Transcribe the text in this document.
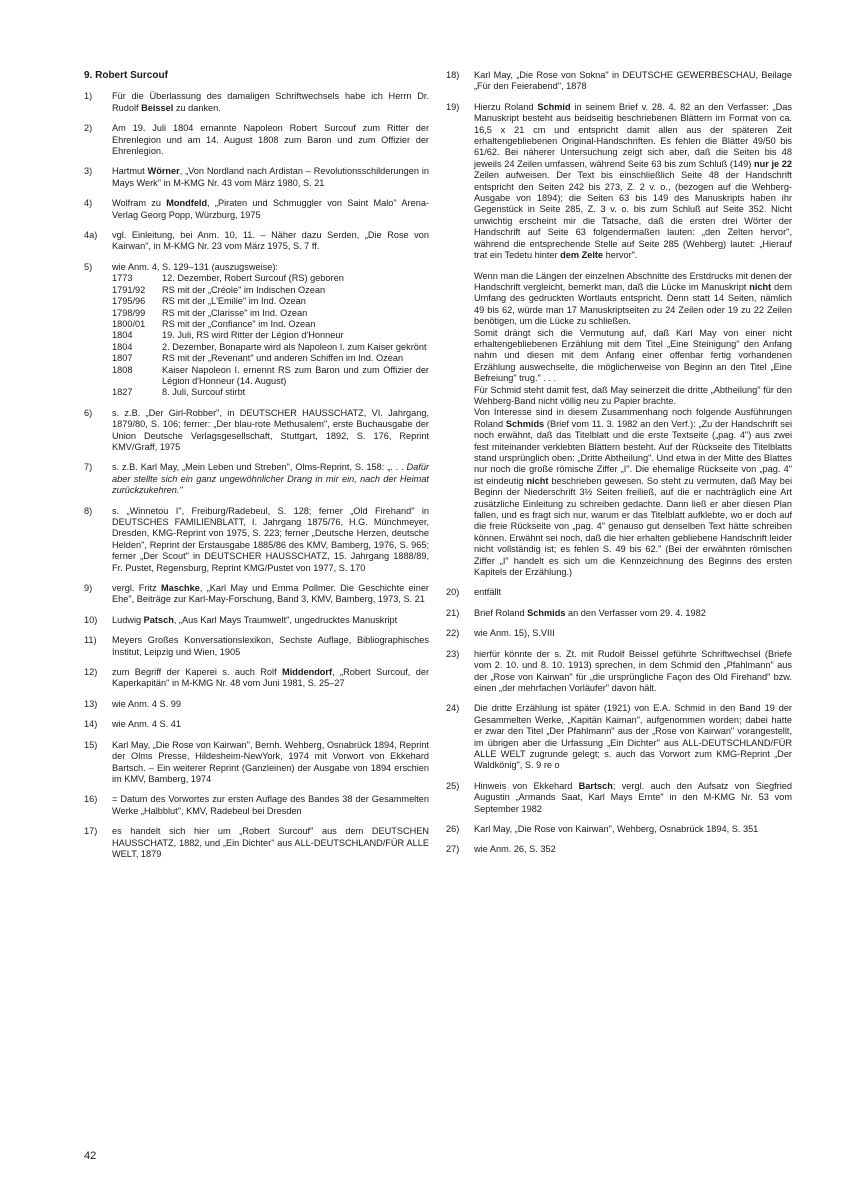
9. Robert Surcouf
1)	Für die Überlassung des damaligen Schriftwechsels habe ich Herrn Dr. Rudolf Beissel zu danken.
2)	Am 19. Juli 1804 ernannte Napoleon Robert Surcouf zum Ritter der Ehrenlegion und am 14. August 1808 zum Baron und zum Offizier der Ehrenlegion.
3)	Hartmut Wörner, „Von Nordland nach Ardistan – Revolutionsschilderungen in Mays Werk" in M-KMG Nr. 43 vom März 1980, S. 21
4)	Wolfram zu Mondfeld, „Piraten und Schmuggler von Saint Malo" Arena-Verlag Georg Popp, Würzburg, 1975
4a)	vgl. Einleitung, bei Anm. 10, 11. – Näher dazu Serden, „Die Rose von Kairwan", in M-KMG Nr. 23 vom März 1975, S. 7 ff.
5)	wie Anm. 4, S. 129–131 (auszugsweise):
1773	12. Dezember, Robert Surcouf (RS) geboren
1791/92	RS mit der „Créole" im Indischen Ozean
1795/96	RS mit der „L'Emilie" im Ind. Ozean
1798/99	RS mit der „Clarisse" im Ind. Ozean
1800/01	RS mit der „Confiance" im Ind. Ozean
1804	19. Juli, RS wird Ritter der Légion d'Honneur
1804	2. Dezember, Bonaparte wird als Napoleon I. zum Kaiser gekrönt
1807	RS mit der „Revenant" und anderen Schiffen im Ind. Ozean
1808	Kaiser Napoleon I. ernennt RS zum Baron und zum Offizier der Légion d'Honneur (14. August)
1827	8. Juli, Surcouf stirbt
6)	s. z.B. „Der Girl-Robber", in DEUTSCHER HAUSSCHATZ, VI. Jahrgang, 1879/80, S. 106; ferner: „Der blau-rote Methusalem", erste Buchausgabe der Union Deutsche Verlagsgesellschaft, Stuttgart, 1892, S. 176, Reprint KMV/Graff, 1975
7)	s. z.B. Karl May, „Mein Leben und Streben", Olms-Reprint, S. 158: „. . . Dafür aber stellte sich ein ganz ungewöhnlicher Drang in mir ein, nach der Heimat zurückzukehren."
8)	s. „Winnetou I", Freiburg/Radebeul, S. 128; ferner „Old Firehand" in DEUTSCHES FAMILIENBLATT, I. Jahrgang 1875/76, H.G. Münchmeyer, Dresden, KMG-Reprint von 1975, S. 223; ferner „Deutsche Herzen, deutsche Helden", Reprint der Erstausgabe 1885/86 des KMV, Bamberg, 1976, S. 965; ferner „Der Scout" in DEUTSCHER HAUSSCHATZ, 15. Jahrgang 1888/89, Fr. Pustet, Regensburg, Reprint KMG/Pustet von 1977, S. 170
9)	vergl. Fritz Maschke, „Karl May und Emma Pollmer. Die Geschichte einer Ehe", Beiträge zur Karl-May-Forschung, Band 3, KMV, Bamberg, 1973, S. 21
10)	Ludwig Patsch, „Aus Karl Mays Traumwelt", ungedrucktes Manuskript
11)	Meyers Großes Konversationslexikon, Sechste Auflage, Bibliographisches Institut, Leipzig und Wien, 1905
12)	zum Begriff der Kaperei s. auch Rolf Middendorf, „Robert Surcouf, der Kaperkapitän" in M-KMG Nr. 48 vom Juni 1981, S. 25–27
13)	wie Anm. 4 S. 99
14)	wie Anm. 4 S. 41
15)	Karl May, „Die Rose von Kairwan", Bernh. Wehberg, Osnabrück 1894, Reprint der Olms Presse, Hildesheim-NewYork, 1974 mit Vorwort von Ekkehard Bartsch. – Ein weiterer Reprint (Ganzleinen) der Ausgabe von 1894 erschien im KMV, Bamberg, 1974
16)	= Datum des Vorwortes zur ersten Auflage des Bandes 38 der Gesammelten Werke „Halbblut", KMV, Radebeul bei Dresden
17)	es handelt sich hier um „Robert Surcouf" aus dem DEUTSCHEN HAUSSCHATZ, 1882, und „Ein Dichter" aus ALL-DEUTSCHLAND/FÜR ALLE WELT, 1879
18)	Karl May, „Die Rose von Sokna" in DEUTSCHE GEWERBESCHAU, Beilage „Für den Feierabend", 1878
19)	Hierzu Roland Schmid in seinem Brief v. 28. 4. 82 an den Verfasser: „Das Manuskript besteht aus beidseitig beschriebenen Blättern im Format von ca. 16,5 x 21 cm und entspricht damit allen aus der späteren Zeit erhaltengebliebenen Original-Handschriften. Es fehlen die Blätter 49/50 bis 61/62. Bei näherer Untersuchung zeigt sich aber, daß die Seiten bis 48 jeweils 24 Zeilen umfassen, während Seite 63 bis zum Schluß (149) nur je 22 Zeilen aufweisen. Der Text bis einschließlich Seite 48 der Handschrift entspricht den Seiten 242 bis 273, Z. 2 v. o., (bezogen auf die Wehberg-Ausgabe von 1894); die Seiten 63 bis 149 des Manuskripts haben ihr Gegenstück in Seite 285, Z. 3 v. o. bis zum Schluß auf Seite 352. Nicht unwichtig erscheint mir die Tatsache, daß die ersten drei Wörter der Handschrift auf Seite 63 folgendermaßen lauten: „den Zelten hervor", während die entsprechende Stelle auf Seite 285 (Wehberg) lautet: „Hierauf trat ein Tedetu hinter dem Zelte hervor".
Wenn man die Längen der einzelnen Abschnitte des Erstdrucks mit denen der Handschrift vergleicht, bemerkt man, daß die Lücke im Manuskript nicht dem Umfang des gedruckten Wortlauts entspricht. Denn statt 14 Seiten, nämlich 49 bis 62, würde man 17 Manuskriptseiten zu 24 Zeilen oder 19 zu 22 Zeilen benötigen, um die Lücke zu schließen.
Somit drängt sich die Vermutung auf, daß Karl May von einer nicht erhaltengebliebenen Erzählung mit dem Titel „Eine Steinigung" den Anfang nahm und diesen mit dem Anfang einer offenbar fertig vorhandenen Erzählung auswechselte, die möglicherweise von Beginn an den Titel „Eine Befreiung" trug." . . .
Für Schmid steht damit fest, daß May seinerzeit die dritte „Abtheilung" für den Wehberg-Band nicht völlig neu zu Papier brachte.
Von Interesse sind in diesem Zusammenhang noch folgende Ausführungen Roland Schmids (Brief vom 11. 3. 1982 an den Verf.): „Zu der Handschrift sei noch erwähnt, daß das Titelblatt und die erste Textseite („pag. 4") aus zwei fest miteinander verklebten Blättern besteht. Auf der Rückseite des Titelblatts stand ursprünglich oben: „Dritte Abtheilung". Und etwa in der Mitte des Blattes nur noch die große römische Ziffer „I". Die ehemalige Rückseite von „pag. 4" ist eindeutig nicht beschrieben gewesen. So steht zu vermuten, daß May bei Beginn der Niederschrift 3½ Seiten freiließ, auf die er nachträglich eine Art zusätzliche Einleitung zu schreiben gedachte. Dann ließ er aber diesen Plan fallen, und es fragt sich nur, warum er das Titelblatt aufklebte, wo er doch auf die freie Rückseite von „pag. 4" genauso gut denselben Text hätte schreiben können. Erwähnt sei noch, daß die hier erhalten gebliebene Handschrift leider nicht vollständig ist; es fehlen S. 49 bis 62." (Bei der erwähnten römischen Ziffer „I" handelt es sich um die Kennzeichnung des Beginns des ersten Kapitels der Erzählung.)
20)	entfällt
21)	Brief Roland Schmids an den Verfasser vom 29. 4. 1982
22)	wie Anm. 15), S.VIII
23)	hierfür könnte der s. Zt. mit Rudolf Beissel geführte Schriftwechsel (Briefe vom 2. 10. und 8. 10. 1913) sprechen, in dem Schmid den „Pfahlmann" aus der „Rose von Kairwan" für „die ursprüngliche Façon des Old Firehand" bzw. einen „der mehrfachen Vorläufer" davon hält.
24)	Die dritte Erzählung ist später (1921) von E.A. Schmid in den Band 19 der Gesammelten Werke, „Kapitän Kaiman", aufgenommen worden; dabei hatte er zwar den Titel „Der Pfahlmann" aus der „Rose von Kairwan" vorangestellt, im übrigen aber die Urfassung „Ein Dichter" aus ALL-DEUTSCHLAND/FÜR ALLE WELT zugrunde gelegt; s. auch das Vorwort zum KMG-Reprint „Der Waldkönig", S. 9 re o
25)	Hinweis von Ekkehard Bartsch; vergl. auch den Aufsatz von Siegfried Augustin „Armands Saat, Karl Mays Ernte" in den M-KMG Nr. 53 vom September 1982
26)	Karl May, „Die Rose von Kairwan", Wehberg, Osnabrück 1894, S. 351
27)	wie Anm. 26, S. 352
42
